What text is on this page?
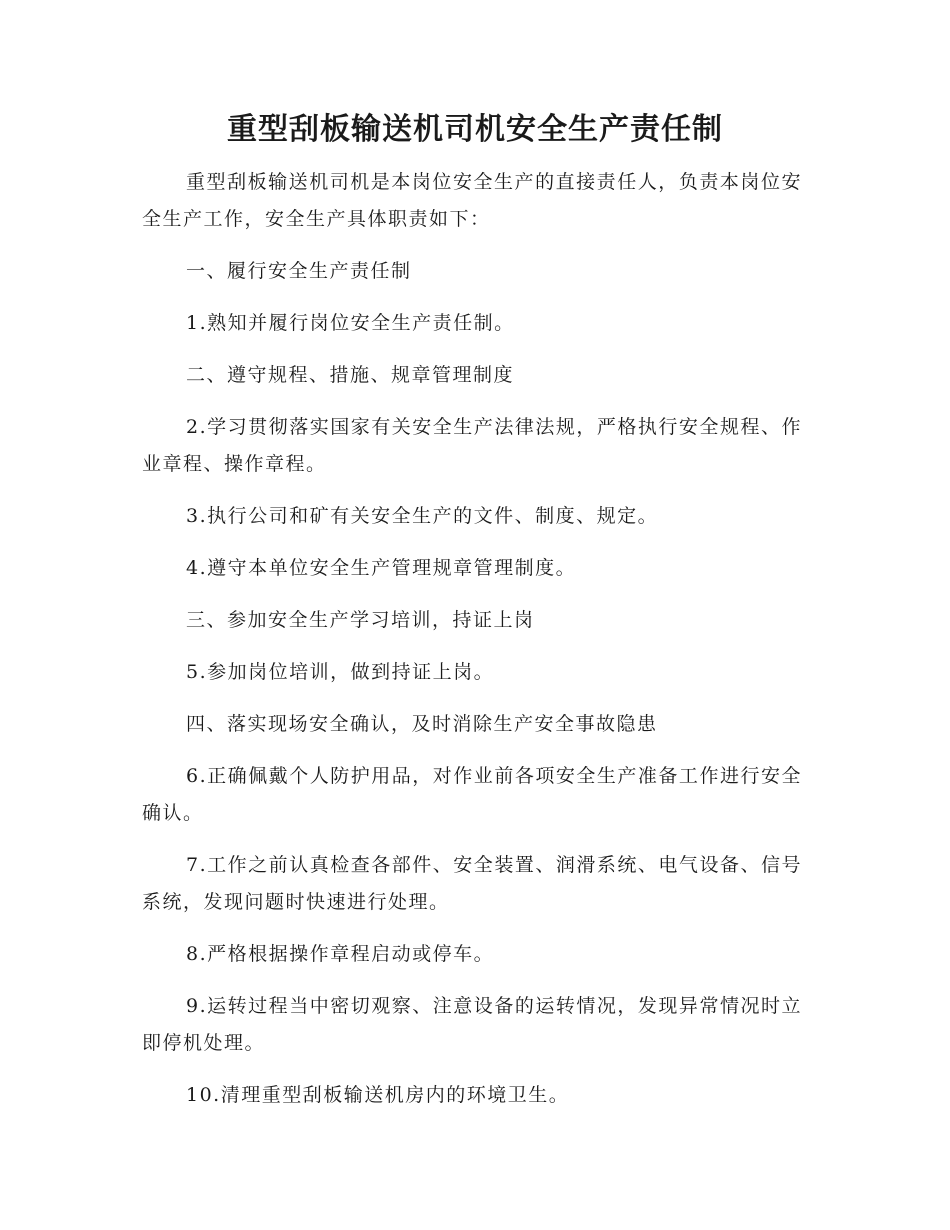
重型刮板输送机司机安全生产责任制

重型刮板输送机司机是本岗位安全生产的直接责任人，负责本岗位安全生产工作，安全生产具体职责如下：

一、履行安全生产责任制

1.熟知并履行岗位安全生产责任制。

二、遵守规程、措施、规章管理制度

2.学习贯彻落实国家有关安全生产法律法规，严格执行安全规程、作业章程、操作章程。

3.执行公司和矿有关安全生产的文件、制度、规定。

4.遵守本单位安全生产管理规章管理制度。

三、参加安全生产学习培训，持证上岗

5.参加岗位培训，做到持证上岗。

四、落实现场安全确认，及时消除生产安全事故隐患

6.正确佩戴个人防护用品，对作业前各项安全生产准备工作进行安全确认。

7.工作之前认真检查各部件、安全装置、润滑系统、电气设备、信号系统，发现问题时快速进行处理。

8.严格根据操作章程启动或停车。

9.运转过程当中密切观察、注意设备的运转情况，发现异常情况时立即停机处理。

10.清理重型刮板输送机房内的环境卫生。
